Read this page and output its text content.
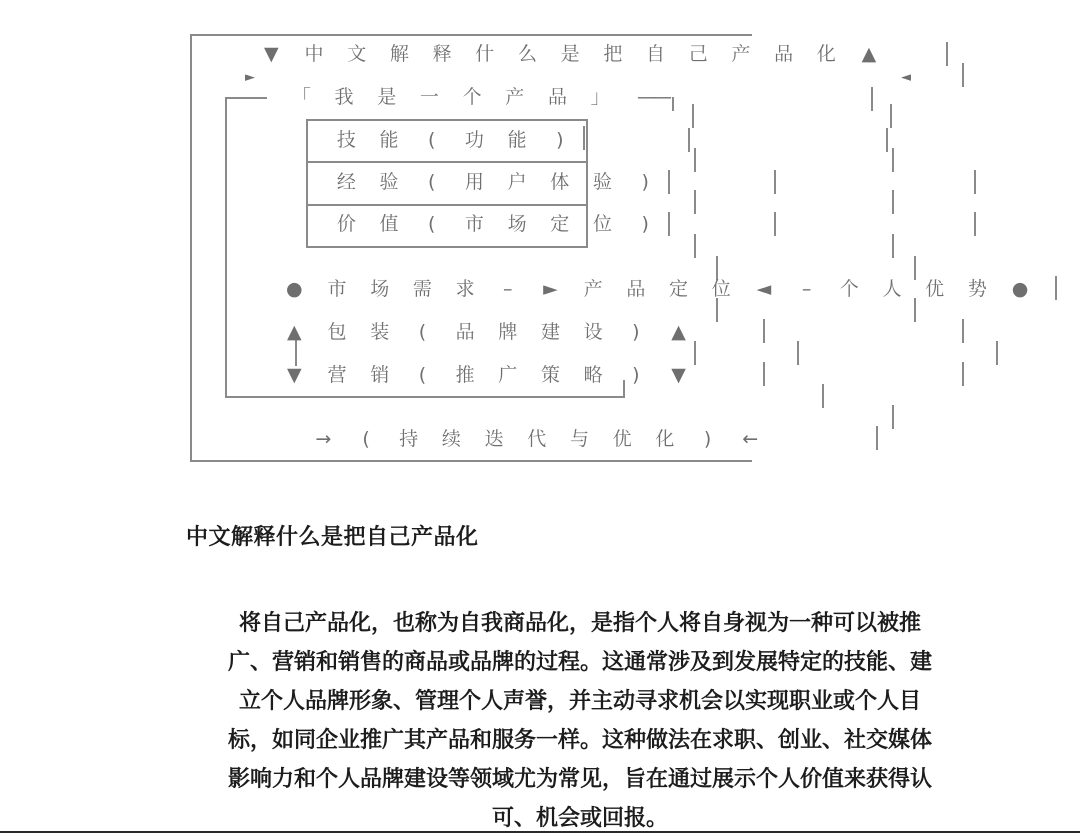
▼	中	文	解	释	什	么	是	把	自	己	产	品	化	▲
►	◄
「	我	是	一	个	产	品	」	——
技	能	(	功	能	)
经	验	(	用	户	体	验	)
价	值	(	市	场	定	位	)
●	市	场	需	求	–	►	产	品	定	位	◄	–	个	人	优	势	●
▲	包	装	(	品	牌	建	设	)	▲
▼	营	销	(	推	广	策	略	)	▼
→	(	持	续	迭	代	与	优	化	)	←
中文解释什么是把自己产品化
将自己产品化，也称为自我商品化，是指个人将自身视为一种可以被推
广、营销和销售的商品或品牌的过程。这通常涉及到发展特定的技能、建
立个人品牌形象、管理个人声誉，并主动寻求机会以实现职业或个人目
标，如同企业推广其产品和服务一样。这种做法在求职、创业、社交媒体
影响力和个人品牌建设等领域尤为常见，旨在通过展示个人价值来获得认
可、机会或回报。
